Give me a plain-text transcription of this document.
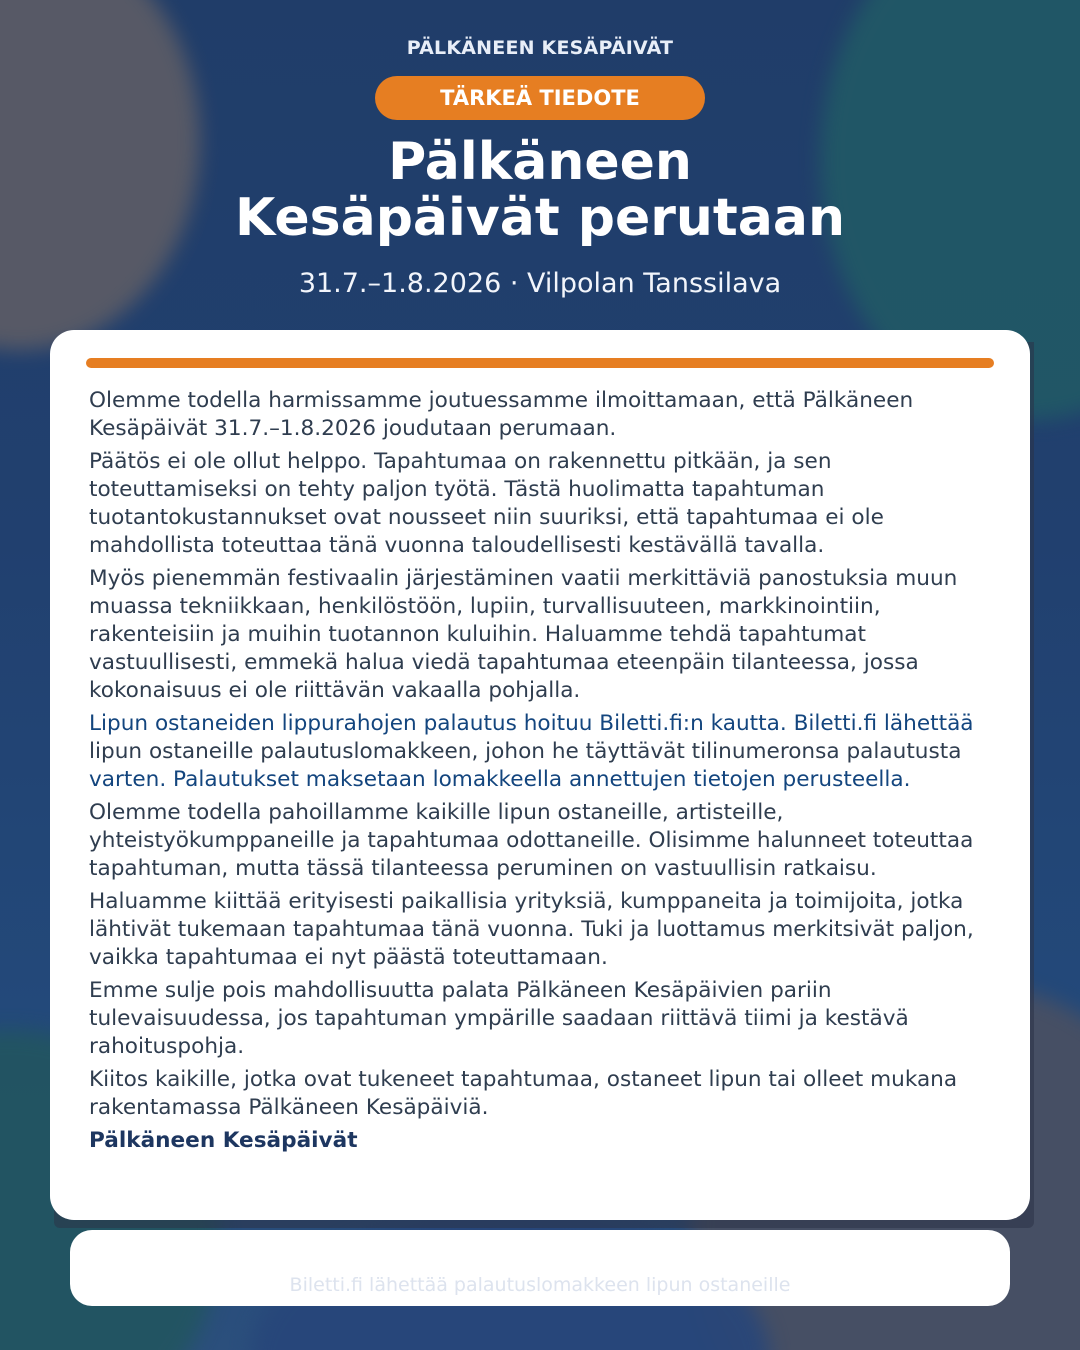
PÄLKÄNEEN KESÄPÄIVÄT
TÄRKEÄ TIEDOTE
Pälkäneen
Kesäpäivät perutaan
31.7.–1.8.2026 · Vilpolan Tanssilava

Olemme todella harmissamme joutuessamme ilmoittamaan, että Pälkäneen Kesäpäivät 31.7.–1.8.2026 joudutaan perumaan.

Päätös ei ole ollut helppo. Tapahtumaa on rakennettu pitkään, ja sen toteuttamiseksi on tehty paljon työtä. Tästä huolimatta tapahtuman tuotantokustannukset ovat nousseet niin suuriksi, että tapahtumaa ei ole mahdollista toteuttaa tänä vuonna taloudellisesti kestävällä tavalla.

Myös pienemmän festivaalin järjestäminen vaatii merkittäviä panostuksia muun muassa tekniikkaan, henkilöstöön, lupiin, turvallisuuteen, markkinointiin, rakenteisiin ja muihin tuotannon kuluihin. Haluamme tehdä tapahtumat vastuullisesti, emmekä halua viedä tapahtumaa eteenpäin tilanteessa, jossa kokonaisuus ei ole riittävän vakaalla pohjalla.

Lipun ostaneiden lippurahojen palautus hoituu Biletti.fi:n kautta. Biletti.fi lähettää lipun ostaneille palautuslomakkeen, johon he täyttävät tilinumeronsa palautusta varten. Palautukset maksetaan lomakkeella annettujen tietojen perusteella.

Olemme todella pahoillamme kaikille lipun ostaneille, artisteille, yhteistyökumppaneille ja tapahtumaa odottaneille. Olisimme halunneet toteuttaa tapahtuman, mutta tässä tilanteessa peruminen on vastuullisin ratkaisu.

Haluamme kiittää erityisesti paikallisia yrityksiä, kumppaneita ja toimijoita, jotka lähtivät tukemaan tapahtumaa tänä vuonna. Tuki ja luottamus merkitsivät paljon, vaikka tapahtumaa ei nyt päästä toteuttamaan.

Emme sulje pois mahdollisuutta palata Pälkäneen Kesäpäivien pariin tulevaisuudessa, jos tapahtuman ympärille saadaan riittävä tiimi ja kestävä rahoituspohja.

Kiitos kaikille, jotka ovat tukeneet tapahtumaa, ostaneet lipun tai olleet mukana rakentamassa Pälkäneen Kesäpäiviä.

Pälkäneen Kesäpäivät

Biletti.fi lähettää palautuslomakkeen lipun ostaneille
